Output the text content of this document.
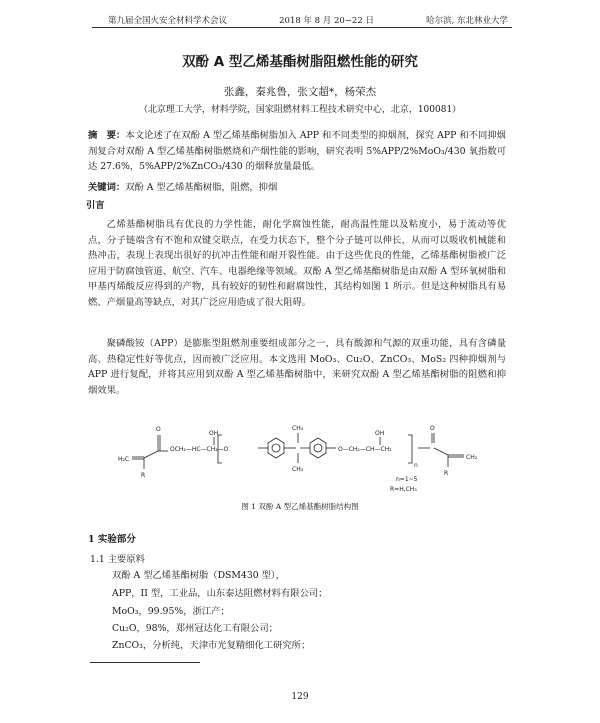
第九届全国火安全材料学术会议	2018 年 8 月 20−22 日	哈尔滨, 东北林业大学
双酚 A 型乙烯基酯树脂阻燃性能的研究
张鑫，秦兆鲁，张文超*，杨荣杰
（北京理工大学，材料学院，国家阻燃材料工程技术研究中心，北京，100081）
摘　要：本文论述了在双酚 A 型乙烯基酯树脂加入 APP 和不同类型的抑烟剂，探究 APP 和不同抑烟剂复合对双酚 A 型乙烯基酯树脂燃烧和产烟性能的影响，研究表明 5%APP/2%MoO₃/430 氧指数可达 27.6%，5%APP/2%ZnCO₃/430 的烟释放量最低。
关键词：双酚 A 型乙烯基酯树脂，阻燃，抑烟
引言
乙烯基酯树脂具有优良的力学性能，耐化学腐蚀性能，耐高温性能以及粘度小，易于流动等优点，分子链端含有不饱和双键交联点，在受力状态下，整个分子链可以伸长，从而可以吸收机械能和热冲击，表现上表现出很好的抗冲击性能和耐开裂性能。由于这些优良的性能，乙烯基酯树脂被广泛应用于防腐蚀管道、航空、汽车、电器绝缘等领域。双酚 A 型乙烯基酯树脂是由双酚 A 型环氧树脂和甲基丙烯酸反应得到的产物，具有较好的韧性和耐腐蚀性，其结构如图 1 所示。但是这种树脂具有易燃、产烟量高等缺点，对其广泛应用造成了很大阻碍。
聚磷酸铵（APP）是膨胀型阻燃剂重要组成部分之一，具有酸源和气源的双重功能，具有含磷量高、热稳定性好等优点，因而被广泛应用。本文选用 MoO₃、Cu₂O、ZnCO₃、MoS₂ 四种抑烟剂与 APP 进行复配，并将其应用到双酚 A 型乙烯基酯树脂中，来研究双酚 A 型乙烯基酯树脂的阻燃和抑烟效果。
H₂C
O
R
OCH₂—HC—CH₂—O
OH
CH₃
CH₃
O—CH₂—CH—CH₂
OH
n
O
CH₂
R
n=1~5
R=H,CH₃
图 1 双酚 A 型乙烯基酯树脂结构图
1 实验部分
1.1 主要原料
双酚 A 型乙烯基酯树脂（DSM430 型），
APP，II 型，工业品，山东泰达阻燃材料有限公司；
MoO₃，99.95%，浙江产；
Cu₂O，98%，郑州冠达化工有限公司；
ZnCO₃，分析纯，天津市光复精细化工研究所；
129
